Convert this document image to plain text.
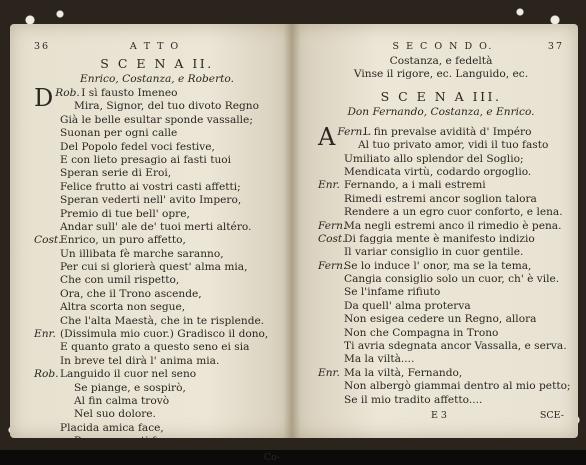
36	A T T O
S C E N A II.
Enrico, Costanza, e Roberto.
Rob.
D	I sì fausto Imeneo
Mira, Signor, del tuo divoto Regno
Già le belle esultar sponde vassalle;
Suonan per ogni calle
Del Popolo fedel voci festive,
E con lieto presagio ai fasti tuoi
Speran serie di Eroi,
Felice frutto ai vostri casti affetti;
Speran vederti nell' avito Impero,
Premio di tue bell' opre,
Andar sull' ale de' tuoi merti altéro.
Cost.Enrico, un puro affetto,
Un illibata fè marche saranno,
Per cui si glorierà quest' alma mia,
Che con umil rispetto,
Ora, che il Trono ascende,
Altra scorta non segue,
Che l'alta Maestà, che in te risplende.
Enr. (Dissimula mio cuor.) Gradisco il dono,
E quanto grato a questo seno ei sia
In breve tel dirà l' anima mia.
Rob.Languido il cuor nel seno
Se piange, e sospirò,
Al fin calma trovò
Nel suo dolore.
Placida amica face,
Pace sperar ti fa,
Co-
S E C O N D O.	37
Costanza, e fedeltà
Vinse il rigore, ec. Languido, ec.
S C E N A III.
Don Fernando, Costanza, e Enrico.
Fern.
A	L fin prevalse avidità d' Impéro
Al tuo privato amor, vidi il tuo fasto
Umiliato allo splendor del Soglio;
Mendicata virtù, codardo orgoglio.
Enr. Fernando, a i mali estremi
Rimedi estremi ancor soglion talora
Rendere a un egro cuor conforto, e lena.
Fern.Ma negli estremi anco il rimedio è pena.
Cost.Di faggia mente è manifesto indizio
Il variar consiglio in cuor gentile.
Fern.Se lo induce l' onor, ma se la tema,
Cangia consiglio solo un cuor, ch' è vile.
Se l'infame rifiuto
Da quell' alma proterva
Non esigea cedere un Regno, allora
Non che Compagna in Trono
Ti avria sdegnata ancor Vassalla, e serva.
Ma la viltà....
Enr. Ma la viltà, Fernando,
Non albergò giammai dentro al mio petto;
Se il mio tradito affetto....
E 3	SCE-
